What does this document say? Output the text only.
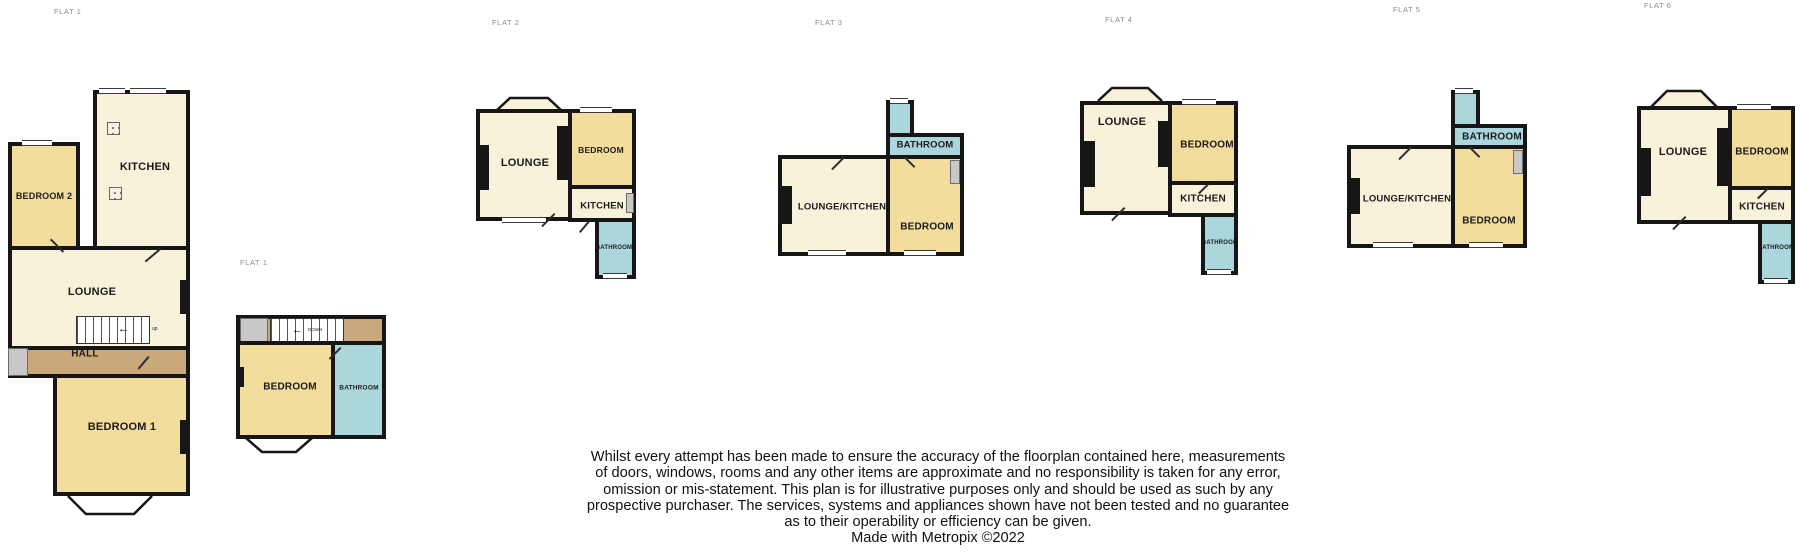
FLAT 1
FLAT 1
FLAT 2	FLAT 3	FLAT 4
FLAT 5	FLAT 6
←	up
KITCHEN
BEDROOM 2
LOUNGE
HALL
BEDROOM 1
← DOWN
BEDROOM	BATHROOM
LOUNGE
BEDROOM
KITCHEN
BATHROOM
BATHROOM
LOUNGE/KITCHEN
BEDROOM
LOUNGE
BEDROOM
KITCHEN
BATHROOM
BATHROOM
LOUNGE/KITCHEN
BEDROOM
LOUNGE	BEDROOM
KITCHEN
BATHROOM
Whilst every attempt has been made to ensure the accuracy of the floorplan contained here, measurements
of doors, windows, rooms and any other items are approximate and no responsibility is taken for any error,
omission or mis-statement. This plan is for illustrative purposes only and should be used as such by any
prospective purchaser. The services, systems and appliances shown have not been tested and no guarantee
as to their operability or efficiency can be given.
Made with Metropix ©2022
